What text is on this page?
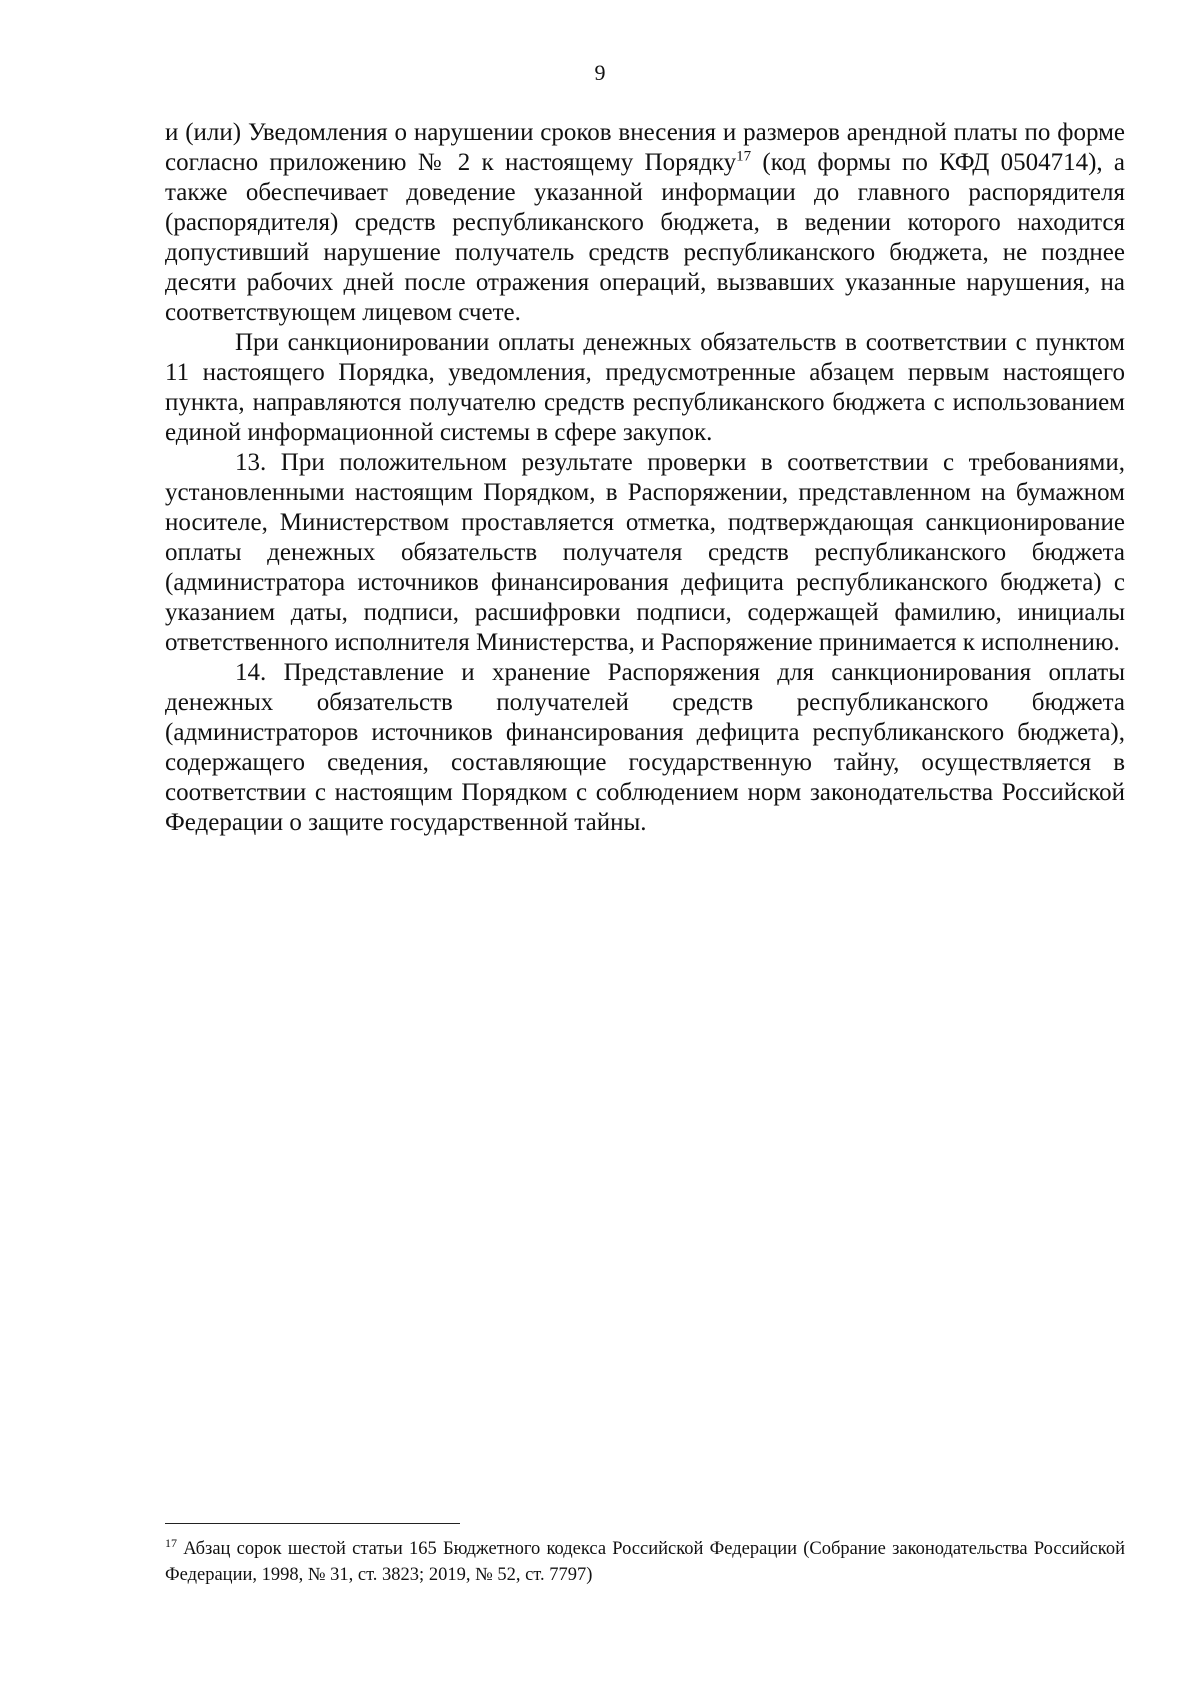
9

и (или) Уведомления о нарушении сроков внесения и размеров арендной платы по форме согласно приложению № 2 к настоящему Порядку$^{17}$ (код формы по КФД 0504714), а также обеспечивает доведение указанной информации до главного распорядителя (распорядителя) средств республиканского бюджета, в ведении которого находится допустивший нарушение получатель средств республиканского бюджета, не позднее десяти рабочих дней после отражения операций, вызвавших указанные нарушения, на соответствующем лицевом счете.

При санкционировании оплаты денежных обязательств в соответствии с пунктом 11 настоящего Порядка, уведомления, предусмотренные абзацем первым настоящего пункта, направляются получателю средств республиканского бюджета с использованием единой информационной системы в сфере закупок.

13. При положительном результате проверки в соответствии с требованиями, установленными настоящим Порядком, в Распоряжении, представленном на бумажном носителе, Министерством проставляется отметка, подтверждающая санкционирование оплаты денежных обязательств получателя средств республиканского бюджета (администратора источников финансирования дефицита республиканского бюджета) с указанием даты, подписи, расшифровки подписи, содержащей фамилию, инициалы ответственного исполнителя Министерства, и Распоряжение принимается к исполнению.

14. Представление и хранение Распоряжения для санкционирования оплаты денежных обязательств получателей средств республиканского бюджета (администраторов источников финансирования дефицита республиканского бюджета), содержащего сведения, составляющие государственную тайну, осуществляется в соответствии с настоящим Порядком с соблюдением норм законодательства Российской Федерации о защите государственной тайны.

$^{17}$ Абзац сорок шестой статьи 165 Бюджетного кодекса Российской Федерации (Собрание законодательства Российской Федерации, 1998, № 31, ст. 3823; 2019, № 52, ст. 7797)
